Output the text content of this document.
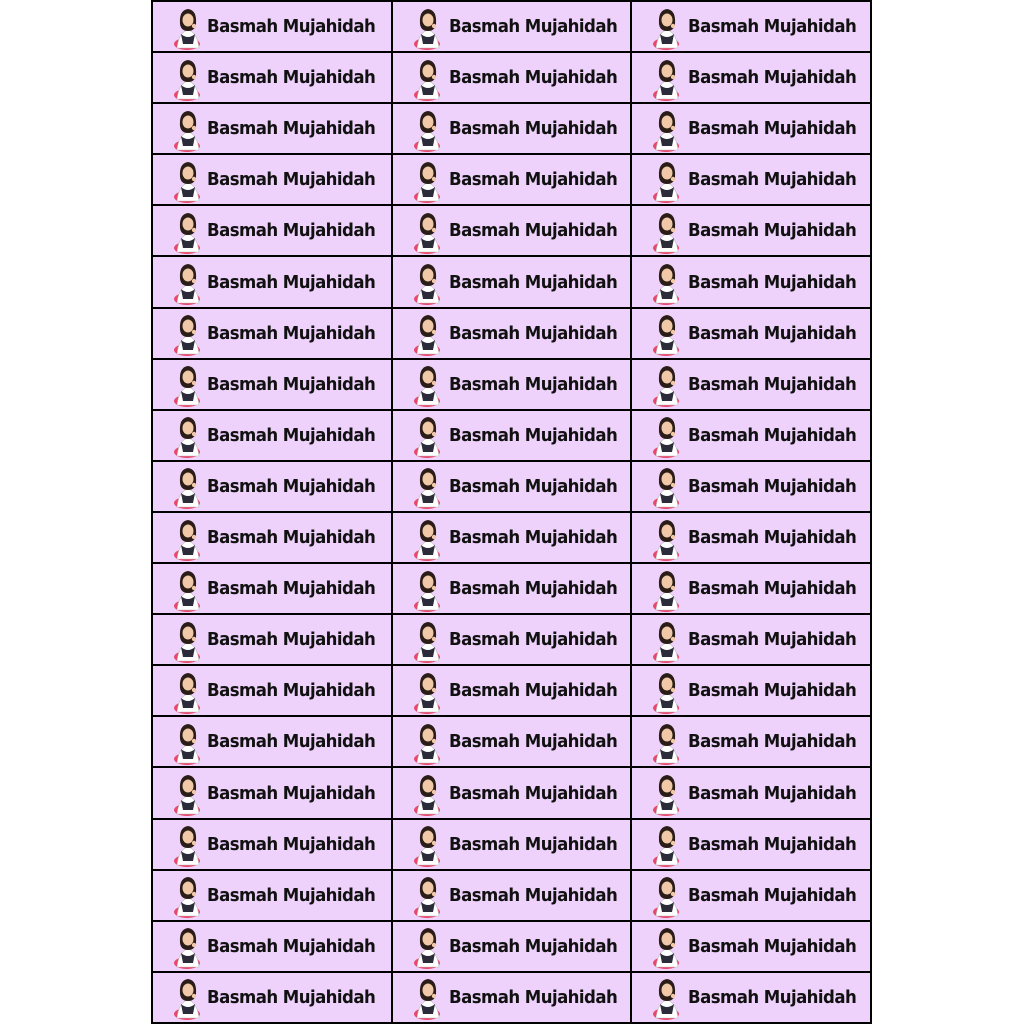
Basmah Mujahidah	Basmah Mujahidah	Basmah Mujahidah
Basmah Mujahidah	Basmah Mujahidah	Basmah Mujahidah
Basmah Mujahidah	Basmah Mujahidah	Basmah Mujahidah
Basmah Mujahidah	Basmah Mujahidah	Basmah Mujahidah
Basmah Mujahidah	Basmah Mujahidah	Basmah Mujahidah
Basmah Mujahidah	Basmah Mujahidah	Basmah Mujahidah
Basmah Mujahidah	Basmah Mujahidah	Basmah Mujahidah
Basmah Mujahidah	Basmah Mujahidah	Basmah Mujahidah
Basmah Mujahidah	Basmah Mujahidah	Basmah Mujahidah
Basmah Mujahidah	Basmah Mujahidah	Basmah Mujahidah
Basmah Mujahidah	Basmah Mujahidah	Basmah Mujahidah
Basmah Mujahidah	Basmah Mujahidah	Basmah Mujahidah
Basmah Mujahidah	Basmah Mujahidah	Basmah Mujahidah
Basmah Mujahidah	Basmah Mujahidah	Basmah Mujahidah
Basmah Mujahidah	Basmah Mujahidah	Basmah Mujahidah
Basmah Mujahidah	Basmah Mujahidah	Basmah Mujahidah
Basmah Mujahidah	Basmah Mujahidah	Basmah Mujahidah
Basmah Mujahidah	Basmah Mujahidah	Basmah Mujahidah
Basmah Mujahidah	Basmah Mujahidah	Basmah Mujahidah
Basmah Mujahidah	Basmah Mujahidah	Basmah Mujahidah
